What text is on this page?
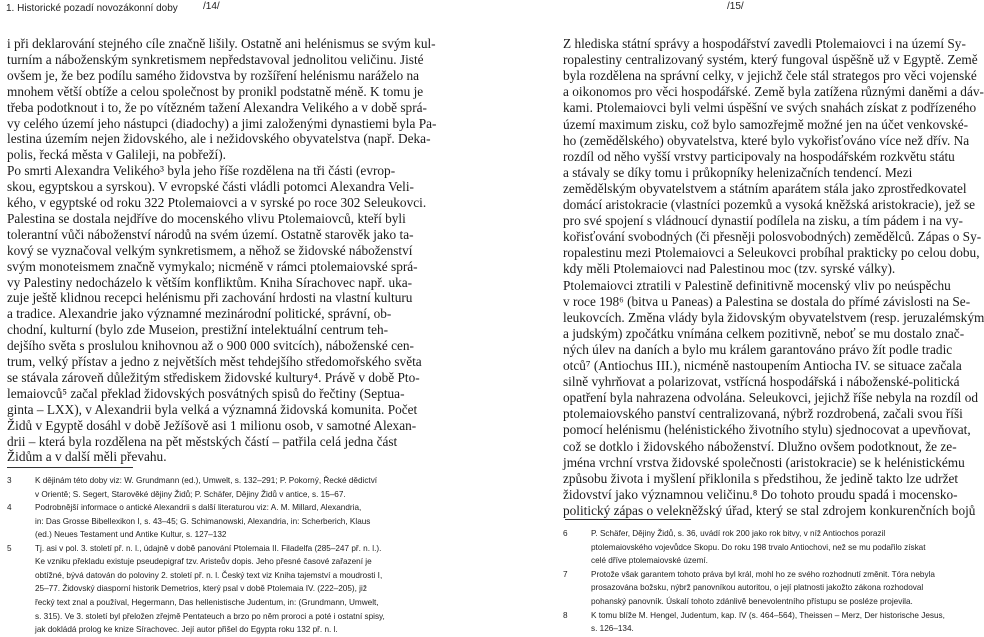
1. Historické pozadí novozákonní doby	/14/	/15/
i při deklarování stejného cíle značně lišily. Ostatně ani helénismus se svým kul-
turním a náboženským synkretismem nepředstavoval jednolitou veličinu. Jisté
ovšem je, že bez podílu samého židovstva by rozšíření helénismu naráželo na
mnohem větší obtíže a celou společnost by pronikl podstatně méně. K tomu je
třeba podotknout i to, že po vítězném tažení Alexandra Velikého a v době sprá-
vy celého území jeho nástupci (diadochy) a jimi založenými dynastiemi byla Pa-
lestina územím nejen židovského, ale i nežidovského obyvatelstva (např. Deka-
polis, řecká města v Galileji, na pobřeží).
Po smrti Alexandra Velikého³ byla jeho říše rozdělena na tři části (evrop-
skou, egyptskou a syrskou). V evropské části vládli potomci Alexandra Veli-
kého, v egyptské od roku 322 Ptolemaiovci a v syrské po roce 302 Seleukovci.
Palestina se dostala nejdříve do mocenského vlivu Ptolemaiovců, kteří byli
tolerantní vůči náboženství národů na svém území. Ostatně starověk jako ta-
kový se vyznačoval velkým synkretismem, a něhož se židovské náboženství
svým monoteismem značně vymykalo; nicméně v rámci ptolemaiovské sprá-
vy Palestiny nedocházelo k větším konfliktům. Kniha Sírachovec např. uka-
zuje ještě klidnou recepci helénismu při zachování hrdosti na vlastní kulturu
a tradice. Alexandrie jako významné mezinárodní politické, správní, ob-
chodní, kulturní (bylo zde Museion, prestižní intelektuální centrum teh-
dejšího světa s proslulou knihovnou až o 900 000 svitcích), náboženské cen-
trum, velký přístav a jedno z největších měst tehdejšího středomořského světa
se stávala zároveň důležitým střediskem židovské kultury⁴. Právě v době Pto-
lemaiovců⁵ začal překlad židovských posvátných spisů do řečtiny (Septua-
ginta – LXX), v Alexandrii byla velká a významná židovská komunita. Počet
Židů v Egyptě dosáhl v době Ježíšově asi 1 milionu osob, v samotné Alexan-
drii – která byla rozdělena na pět městských částí – patřila celá jedna část
Židům a v další měli převahu.
3	K dějinám této doby viz: W. Grundmann (ed.), Umwelt, s. 132–291; P. Pokorný, Řecké dědictví
v Orientě; S. Segert, Starověké dějiny Židů; P. Schäfer, Dějiny Židů v antice, s. 15–67.
4	Podrobnější informace o antické Alexandrii s další literaturou viz: A. M. Millard, Alexandria,
in: Das Grosse Bibellexikon I, s. 43–45; G. Schimanowski, Alexandria, in: Scherberich, Klaus
(ed.) Neues Testament und Antike Kultur, s. 127–132
5	Tj. asi v pol. 3. století př. n. l., údajně v době panování Ptolemaia II. Filadelfa (285–247 př. n. l.).
Ke vzniku překladu existuje pseudepigraf tzv. Aristeův dopis. Jeho přesné časové zařazení je
obtížné, bývá datován do poloviny 2. století př. n. l. Český text viz Kniha tajemství a moudrosti I,
25–77. Židovský diasporní historik Demetrios, který psal v době Ptolemaia IV. (222–205), již
řecký text znal a používal, Hegermann, Das hellenistische Judentum, in: (Grundmann, Umwelt,
s. 315). Ve 3. století byl přeložen zřejmě Pentateuch a brzo po něm proroci a poté i ostatní spisy,
jak dokládá prolog ke knize Sírachovec. Její autor přišel do Egypta roku 132 př. n. l.
Z hlediska státní správy a hospodářství zavedli Ptolemaiovci i na území Sy-
ropalestiny centralizovaný systém, který fungoval úspěšně už v Egyptě. Země
byla rozdělena na správní celky, v jejichž čele stál strategos pro věci vojenské
a oikonomos pro věci hospodářské. Země byla zatížena různými daněmi a dáv-
kami. Ptolemaiovci byli velmi úspěšní ve svých snahách získat z podřízeného
území maximum zisku, což bylo samozřejmě možné jen na účet venkovské-
ho (zemědělského) obyvatelstva, které bylo vykořisťováno více než dřív. Na
rozdíl od něho vyšší vrstvy participovaly na hospodářském rozkvětu státu
a stávaly se díky tomu i průkopníky helenizačních tendencí. Mezi
zemědělským obyvatelstvem a státním aparátem stála jako zprostředkovatel
domácí aristokracie (vlastníci pozemků a vysoká kněžská aristokracie), jež se
pro své spojení s vládnoucí dynastií podílela na zisku, a tím pádem i na vy-
kořisťování svobodných (či přesněji polosvobodných) zemědělců. Zápas o Sy-
ropalestinu mezi Ptolemaiovci a Seleukovci probíhal prakticky po celou dobu,
kdy měli Ptolemaiovci nad Palestinou moc (tzv. syrské války).
Ptolemaiovci ztratili v Palestině definitivně mocenský vliv po neúspěchu
v roce 198⁶ (bitva u Paneas) a Palestina se dostala do přímé závislosti na Se-
leukovcích. Změna vlády byla židovským obyvatelstvem (resp. jeruzalémským
a judským) zpočátku vnímána celkem pozitivně, neboť se mu dostalo znač-
ných úlev na daních a bylo mu králem garantováno právo žít podle tradic
otců⁷ (Antiochus III.), nicméně nastoupením Antiocha IV. se situace začala
silně vyhrňovat a polarizovat, vstřícná hospodářská i náboženské-politická
opatření byla nahrazena odvolána. Seleukovci, jejichž říše nebyla na rozdíl od
ptolemaiovského panství centralizovaná, nýbrž rozdrobená, začali svou říši
pomocí helénismu (helénistického životního stylu) sjednocovat a upevňovat,
což se dotklo i židovského náboženství. Dlužno ovšem podotknout, že ze-
jména vrchní vrstva židovské společnosti (aristokracie) se k helénistickému
způsobu života i myšlení přiklonila s předstihou, že jedině takto lze udržet
židovství jako významnou veličinu.⁸ Do tohoto proudu spadá i mocensko-
politický zápas o velekněžský úřad, který se stal zdrojem konkurenčních bojů
6	P. Schäfer, Dějiny Židů, s. 36, uvádí rok 200 jako rok bitvy, v níž Antiochos porazil
ptolemaiovského vojevůdce Skopu. Do roku 198 trvalo Antiochovi, než se mu podařilo získat
celé dříve ptolemaiovské území.
7	Protože však garantem tohoto práva byl král, mohl ho ze svého rozhodnutí změnit. Tóra nebyla
prosazována božsku, nýbrž panovníkou autoritou, o její platnosti jakožto zákona rozhodoval
pohanský panovník. Úskalí tohoto zdánlivě benevolentního přístupu se posléze projevila.
8	K tomu blíže M. Hengel, Judentum, kap. IV (s. 464–564), Theissen – Merz, Der historische Jesus,
s. 126–134.
